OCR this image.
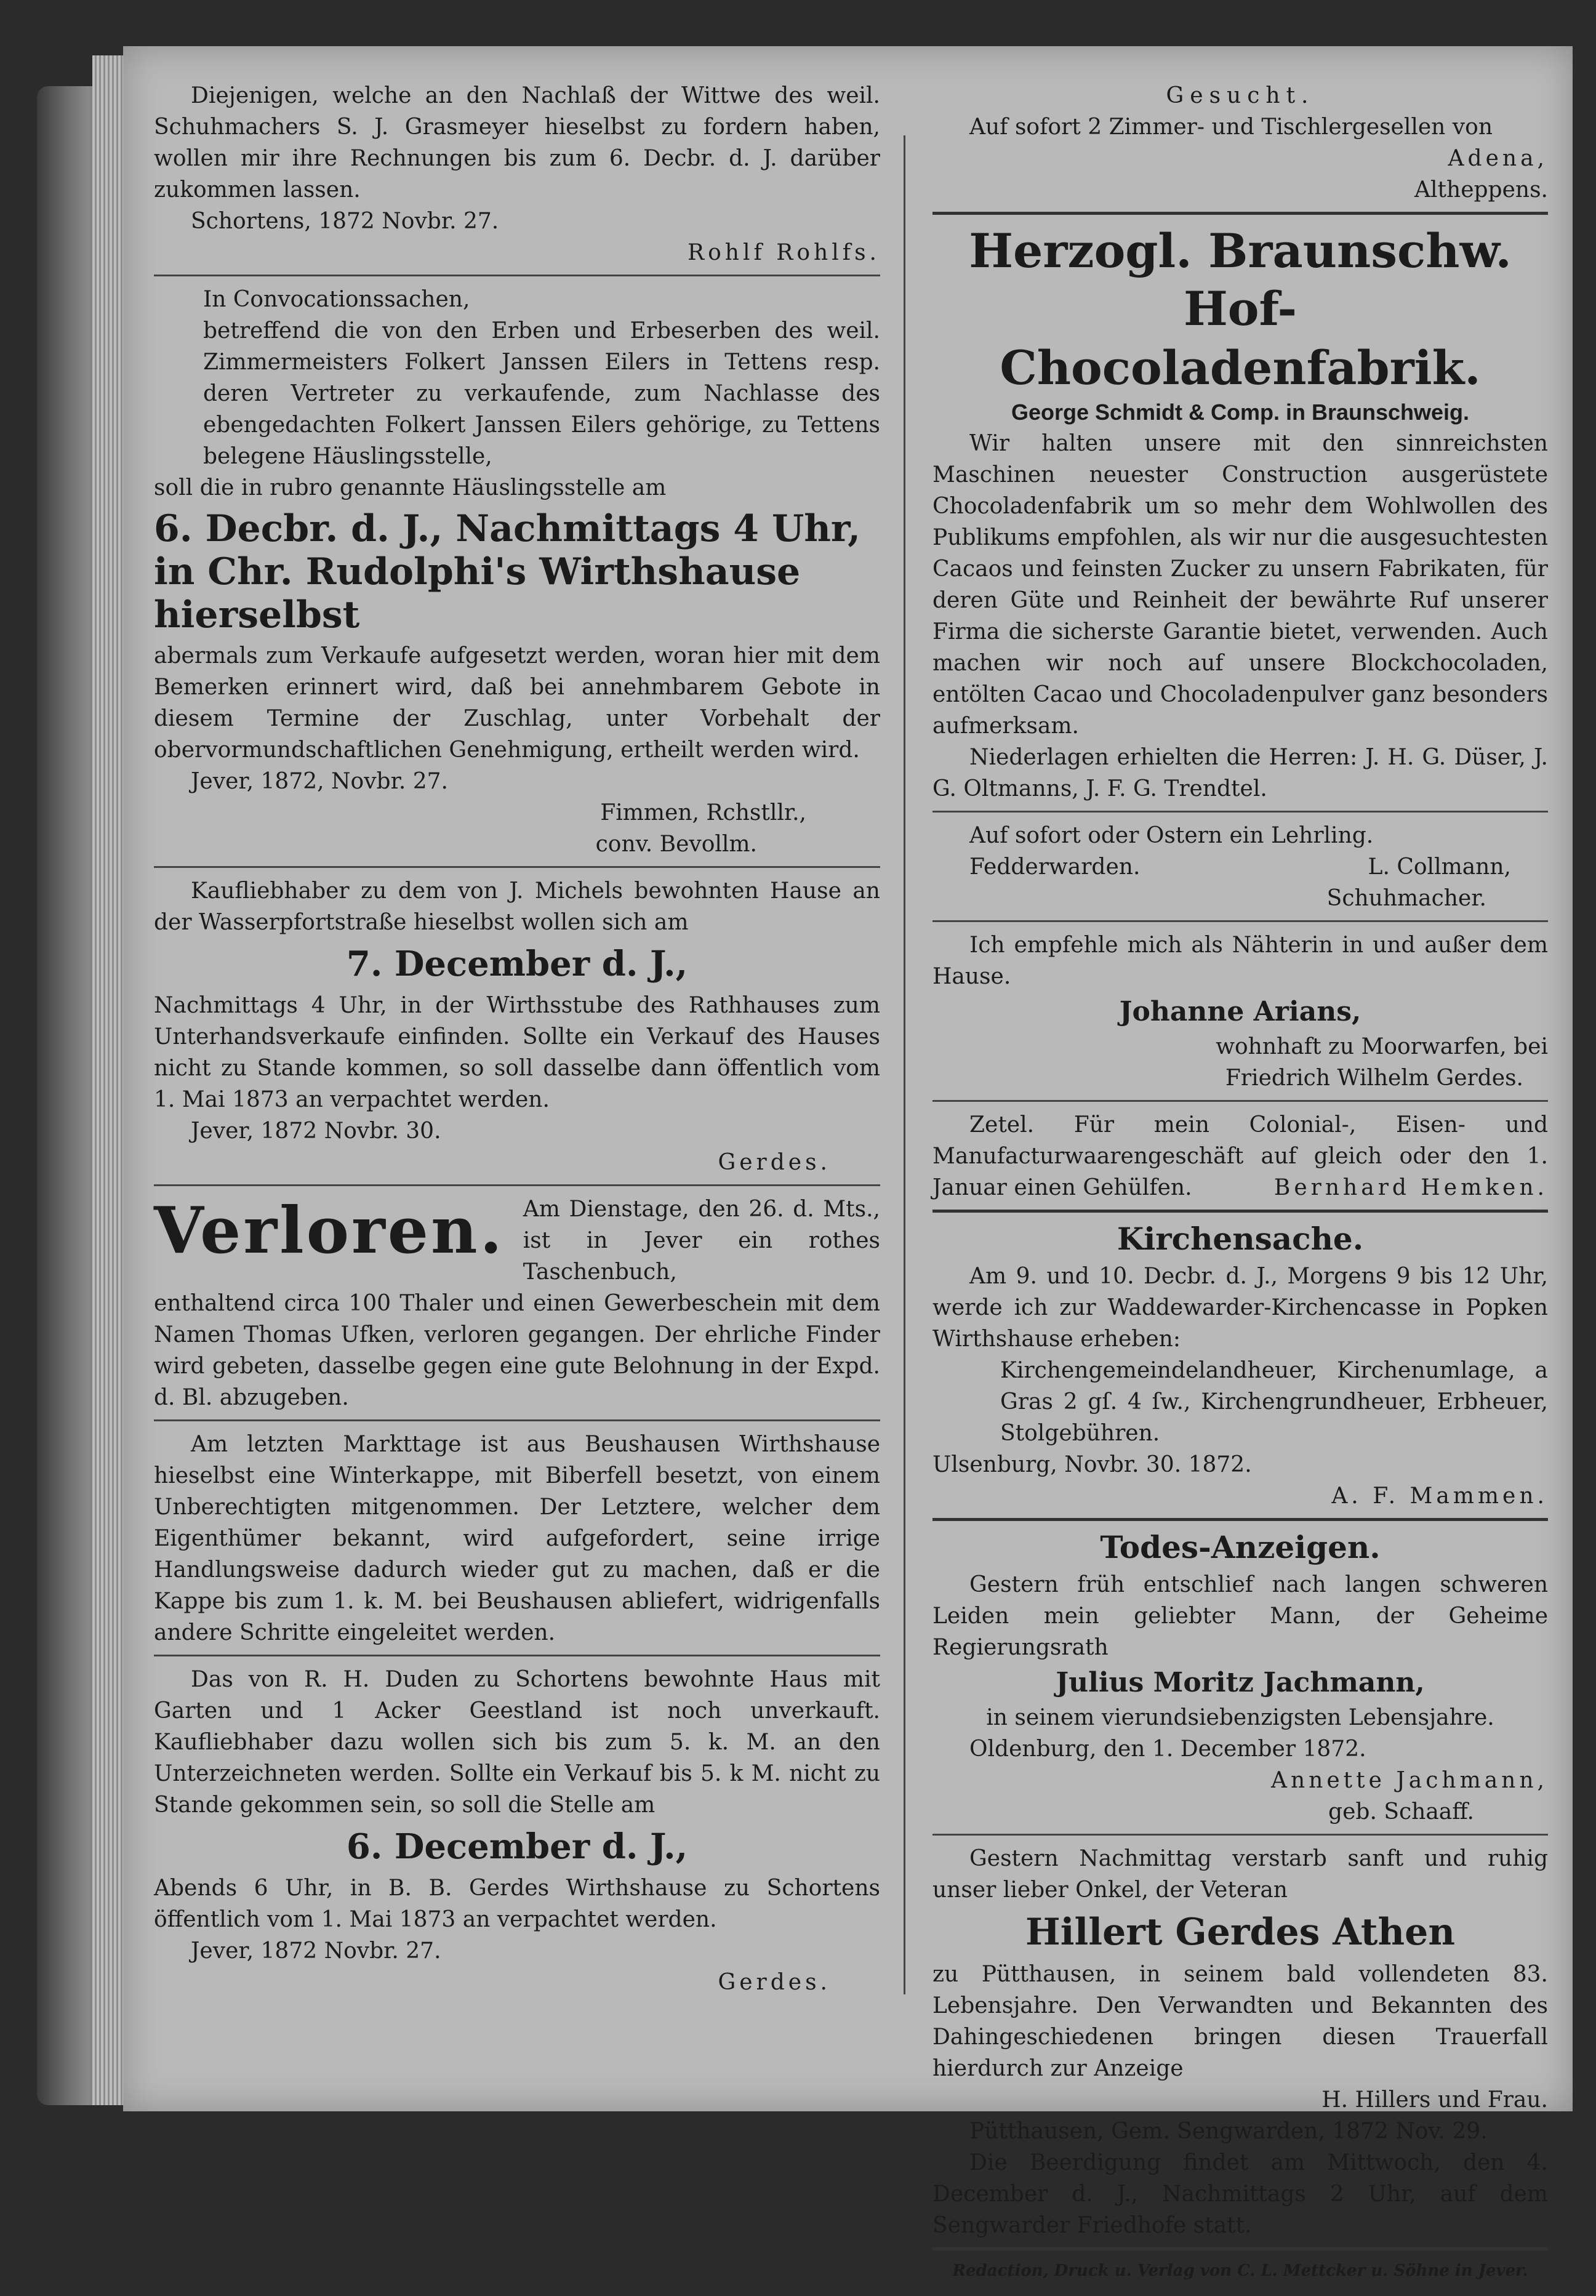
Diejenigen, welche an den Nachlaß der Wittwe des weil. Schuhmachers S. J. Grasmeyer hieselbst zu fordern haben, wollen mir ihre Rechnungen bis zum 6. Decbr. d. J. darüber zukommen lassen.

Schortens, 1872 Novbr. 27.

Rohlf Rohlfs.

In Convocationssachen,

betreffend die von den Erben und Erbeserben des weil. Zimmermeisters Folkert Janssen Eilers in Tettens resp. deren Vertreter zu verkaufende, zum Nachlasse des ebengedachten Folkert Janssen Eilers gehörige, zu Tettens belegene Häuslingsstelle,

soll die in rubro genannte Häuslingsstelle am

6. Decbr. d. J., Nachmittags 4 Uhr, in Chr. Rudolphi's Wirthshause hierselbst

abermals zum Verkaufe aufgesetzt werden, woran hier mit dem Bemerken erinnert wird, daß bei annehmbarem Gebote in diesem Termine der Zuschlag, unter Vorbehalt der obervormundschaftlichen Genehmigung, ertheilt werden wird.

Jever, 1872, Novbr. 27.

Fimmen, Rchstllr.,

conv. Bevollm.

Kaufliebhaber zu dem von J. Michels bewohnten Hause an der Wasserpfortstraße hieselbst wollen sich am

7. December d. J.,

Nachmittags 4 Uhr, in der Wirthsstube des Rathhauses zum Unterhandsverkaufe einfinden. Sollte ein Verkauf des Hauses nicht zu Stande kommen, so soll dasselbe dann öffentlich vom 1. Mai 1873 an verpachtet werden.

Jever, 1872 Novbr. 30.

Gerdes.

Verloren. Am Dienstage, den 26. d. Mts., ist in Jever ein rothes Taschenbuch,

enthaltend circa 100 Thaler und einen Gewerbeschein mit dem Namen Thomas Ufken, verloren gegangen. Der ehrliche Finder wird gebeten, dasselbe gegen eine gute Belohnung in der Expd. d. Bl. abzugeben.

Am letzten Markttage ist aus Beushausen Wirthshause hieselbst eine Winterkappe, mit Biberfell besetzt, von einem Unberechtigten mitgenommen. Der Letztere, welcher dem Eigenthümer bekannt, wird aufgefordert, seine irrige Handlungsweise dadurch wieder gut zu machen, daß er die Kappe bis zum 1. k. M. bei Beushausen abliefert, widrigenfalls andere Schritte eingeleitet werden.

Das von R. H. Duden zu Schortens bewohnte Haus mit Garten und 1 Acker Geestland ist noch unverkauft. Kaufliebhaber dazu wollen sich bis zum 5. k. M. an den Unterzeichneten werden. Sollte ein Verkauf bis 5. k M. nicht zu Stande gekommen sein, so soll die Stelle am

6. December d. J.,

Abends 6 Uhr, in B. B. Gerdes Wirthshause zu Schortens öffentlich vom 1. Mai 1873 an verpachtet werden.

Jever, 1872 Novbr. 27.

Gerdes.

Gesucht.

Auf sofort 2 Zimmer- und Tischlergesellen von

Adena,

Altheppens.

Herzogl. Braunschw. Hof-

Chocoladenfabrik.

George Schmidt & Comp. in Braunschweig.

Wir halten unsere mit den sinnreichsten Maschinen neuester Construction ausgerüstete Chocoladenfabrik um so mehr dem Wohlwollen des Publikums empfohlen, als wir nur die ausgesuchtesten Cacaos und feinsten Zucker zu unsern Fabrikaten, für deren Güte und Reinheit der bewährte Ruf unserer Firma die sicherste Garantie bietet, verwenden. Auch machen wir noch auf unsere Blockchocoladen, entölten Cacao und Chocoladenpulver ganz besonders aufmerksam.

Niederlagen erhielten die Herren: J. H. G. Düser, J. G. Oltmanns, J. F. G. Trendtel.

Auf sofort oder Ostern ein Lehrling.

Fedderwarden.	L. Collmann,

Schuhmacher.

Ich empfehle mich als Nähterin in und außer dem Hause.

Johanne Arians,

wohnhaft zu Moorwarfen, bei

Friedrich Wilhelm Gerdes.

Zetel. Für mein Colonial-, Eisen- und Manufacturwaarengeschäft auf gleich oder den 1. Januar einen Gehülfen.	Bernhard Hemken.

Kirchensache.

Am 9. und 10. Decbr. d. J., Morgens 9 bis 12 Uhr, werde ich zur Waddewarder-Kirchencasse in Popken Wirthshause erheben:

Kirchengemeindelandheuer, Kirchenumlage, a Gras 2 gſ. 4 ſw., Kirchengrundheuer, Erbheuer, Stolgebühren.

Ulsenburg, Novbr. 30. 1872.

A. F. Mammen.

Todes-Anzeigen.

Gestern früh entschlief nach langen schweren Leiden mein geliebter Mann, der Geheime Regierungsrath

Julius Moritz Jachmann,

in seinem vierundsiebenzigsten Lebensjahre.

Oldenburg, den 1. December 1872.

Annette Jachmann,

geb. Schaaff.

Gestern Nachmittag verstarb sanft und ruhig unser lieber Onkel, der Veteran

Hillert Gerdes Athen

zu Pütthausen, in seinem bald vollendeten 83. Lebensjahre. Den Verwandten und Bekannten des Dahingeschiedenen bringen diesen Trauerfall hierdurch zur Anzeige

H. Hillers und Frau.

Pütthausen, Gem. Sengwarden, 1872 Nov. 29.

Die Beerdigung findet am Mittwoch, den 4. December d. J., Nachmittags 2 Uhr, auf dem Sengwarder Friedhofe statt.

Redaction, Druck u. Verlag von C. L. Mettcker u. Söhne in Jever.
